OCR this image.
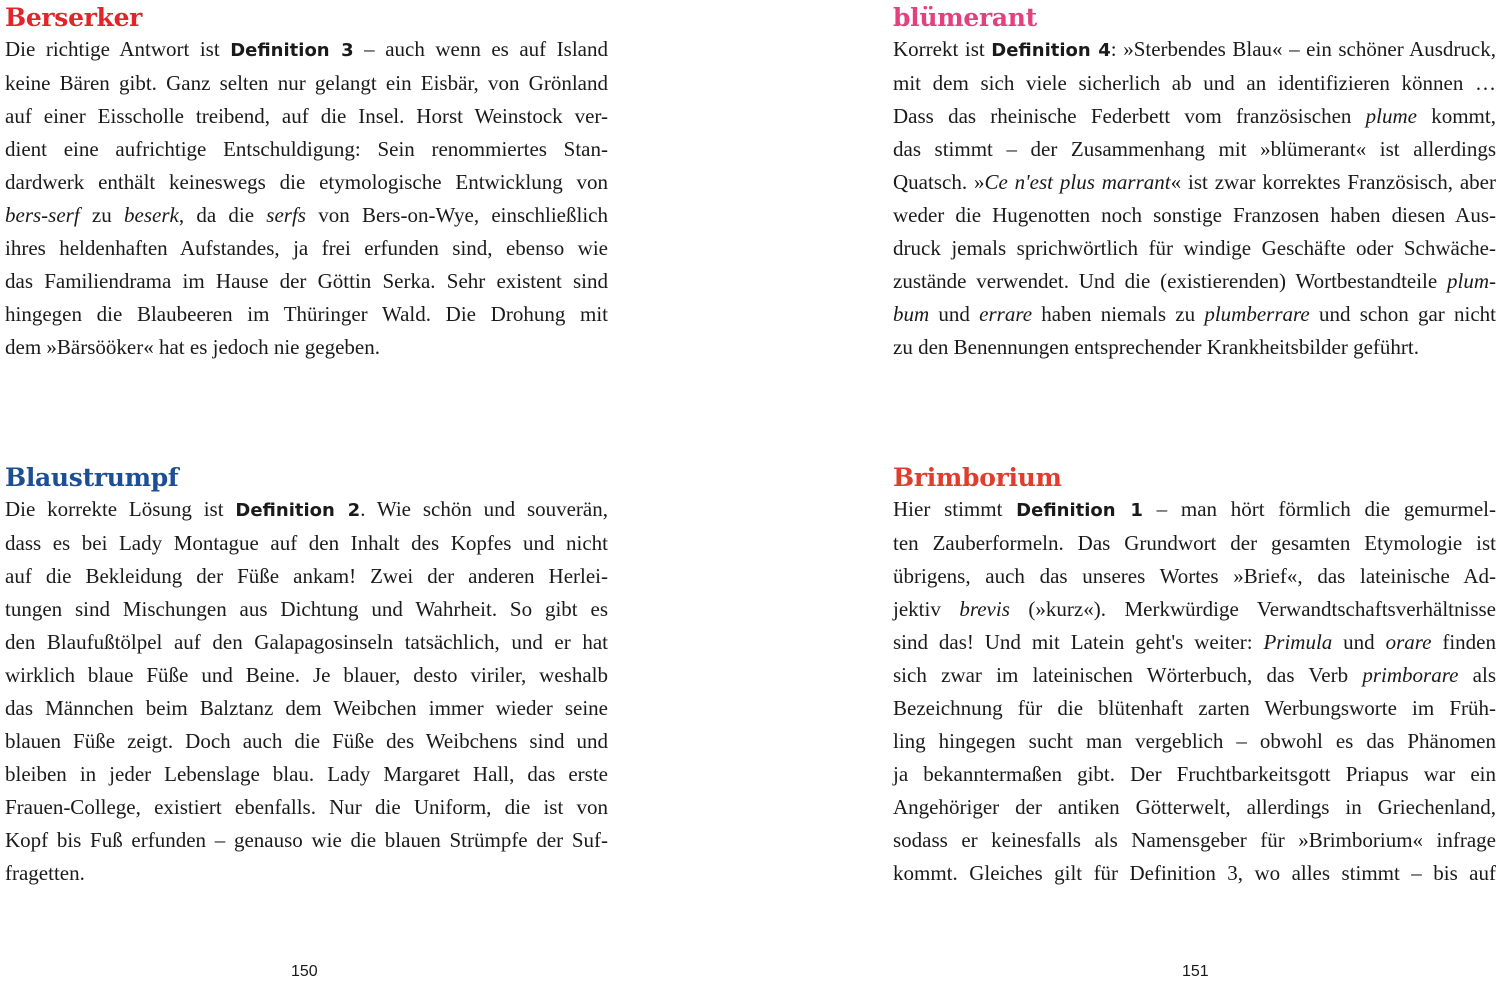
Berserker

Die richtige Antwort ist Definition 3 – auch wenn es auf Island
keine Bären gibt. Ganz selten nur gelangt ein Eisbär, von Grönland
auf einer Eisscholle treibend, auf die Insel. Horst Weinstock ver-
dient eine aufrichtige Entschuldigung: Sein renommiertes Stan-
dardwerk enthält keineswegs die etymologische Entwicklung von
bers-serf zu beserk, da die serfs von Bers-on-Wye, einschließlich
ihres heldenhaften Aufstandes, ja frei erfunden sind, ebenso wie
das Familiendrama im Hause der Göttin Serka. Sehr existent sind
hingegen die Blaubeeren im Thüringer Wald. Die Drohung mit
dem »Bärsööker« hat es jedoch nie gegeben.

blümerant

Korrekt ist Definition 4: »Sterbendes Blau« – ein schöner Ausdruck,
mit dem sich viele sicherlich ab und an identifizieren können …
Dass das rheinische Federbett vom französischen plume kommt,
das stimmt – der Zusammenhang mit »blümerant« ist allerdings
Quatsch. »Ce n'est plus marrant« ist zwar korrektes Französisch, aber
weder die Hugenotten noch sonstige Franzosen haben diesen Aus-
druck jemals sprichwörtlich für windige Geschäfte oder Schwäche-
zustände verwendet. Und die (existierenden) Wortbestandteile plum-
bum und errare haben niemals zu plumberrare und schon gar nicht
zu den Benennungen entsprechender Krankheitsbilder geführt.

Blaustrumpf

Die korrekte Lösung ist Definition 2. Wie schön und souverän,
dass es bei Lady Montague auf den Inhalt des Kopfes und nicht
auf die Bekleidung der Füße ankam! Zwei der anderen Herlei-
tungen sind Mischungen aus Dichtung und Wahrheit. So gibt es
den Blaufußtölpel auf den Galapagosinseln tatsächlich, und er hat
wirklich blaue Füße und Beine. Je blauer, desto viriler, weshalb
das Männchen beim Balztanz dem Weibchen immer wieder seine
blauen Füße zeigt. Doch auch die Füße des Weibchens sind und
bleiben in jeder Lebenslage blau. Lady Margaret Hall, das erste
Frauen-College, existiert ebenfalls. Nur die Uniform, die ist von
Kopf bis Fuß erfunden – genauso wie die blauen Strümpfe der Suf-
fragetten.

Brimborium

Hier stimmt Definition 1 – man hört förmlich die gemurmel-
ten Zauberformeln. Das Grundwort der gesamten Etymologie ist
übrigens, auch das unseres Wortes »Brief«, das lateinische Ad-
jektiv brevis (»kurz«). Merkwürdige Verwandtschaftsverhältnisse
sind das! Und mit Latein geht's weiter: Primula und orare finden
sich zwar im lateinischen Wörterbuch, das Verb primborare als
Bezeichnung für die blütenhaft zarten Werbungsworte im Früh-
ling hingegen sucht man vergeblich – obwohl es das Phänomen
ja bekanntermaßen gibt. Der Fruchtbarkeitsgott Priapus war ein
Angehöriger der antiken Götterwelt, allerdings in Griechenland,
sodass er keinesfalls als Namensgeber für »Brimborium« infrage
kommt. Gleiches gilt für Definition 3, wo alles stimmt – bis auf

150	151
